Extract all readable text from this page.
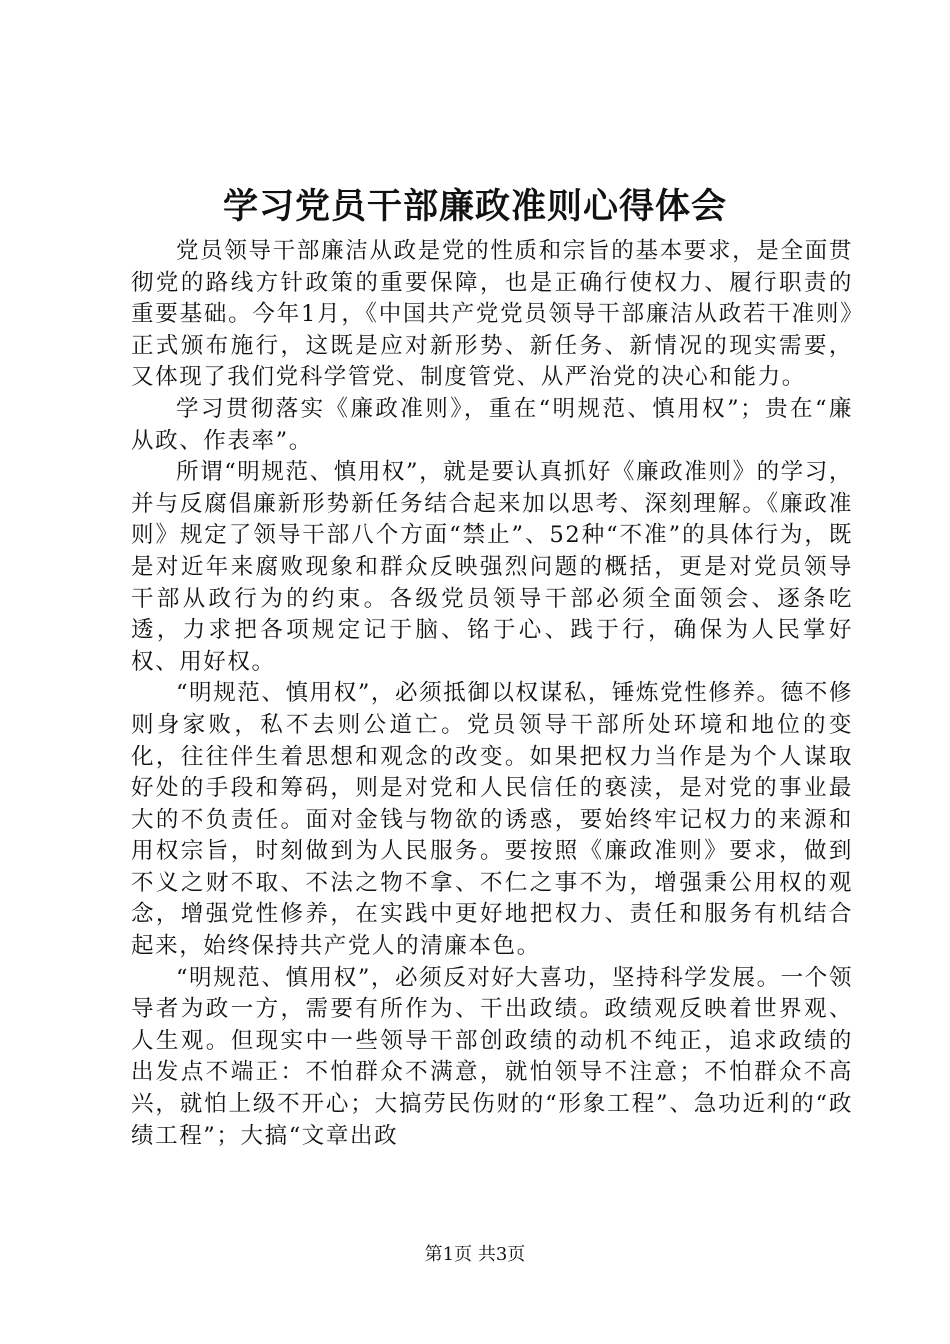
学习党员干部廉政准则心得体会

党员领导干部廉洁从政是党的性质和宗旨的基本要求，是全面贯彻党的路线方针政策的重要保障，也是正确行使权力、履行职责的重要基础。今年1月，《中国共产党党员领导干部廉洁从政若干准则》正式颁布施行，这既是应对新形势、新任务、新情况的现实需要，又体现了我们党科学管党、制度管党、从严治党的决心和能力。

学习贯彻落实《廉政准则》，重在“明规范、慎用权”；贵在“廉从政、作表率”。

所谓“明规范、慎用权”，就是要认真抓好《廉政准则》的学习，并与反腐倡廉新形势新任务结合起来加以思考、深刻理解。《廉政准则》规定了领导干部八个方面“禁止”、52种“不准”的具体行为，既是对近年来腐败现象和群众反映强烈问题的概括，更是对党员领导干部从政行为的约束。各级党员领导干部必须全面领会、逐条吃透，力求把各项规定记于脑、铭于心、践于行，确保为人民掌好权、用好权。

“明规范、慎用权”，必须抵御以权谋私，锤炼党性修养。德不修则身家败，私不去则公道亡。党员领导干部所处环境和地位的变化，往往伴生着思想和观念的改变。如果把权力当作是为个人谋取好处的手段和筹码，则是对党和人民信任的亵渎，是对党的事业最大的不负责任。面对金钱与物欲的诱惑，要始终牢记权力的来源和用权宗旨，时刻做到为人民服务。要按照《廉政准则》要求，做到不义之财不取、不法之物不拿、不仁之事不为，增强秉公用权的观念，增强党性修养，在实践中更好地把权力、责任和服务有机结合起来，始终保持共产党人的清廉本色。

“明规范、慎用权”，必须反对好大喜功，坚持科学发展。一个领导者为政一方，需要有所作为、干出政绩。政绩观反映着世界观、人生观。但现实中一些领导干部创政绩的动机不纯正，追求政绩的出发点不端正：不怕群众不满意，就怕领导不注意；不怕群众不高兴，就怕上级不开心；大搞劳民伤财的“形象工程”、急功近利的“政绩工程”；大搞“文章出政

第1页 共3页
